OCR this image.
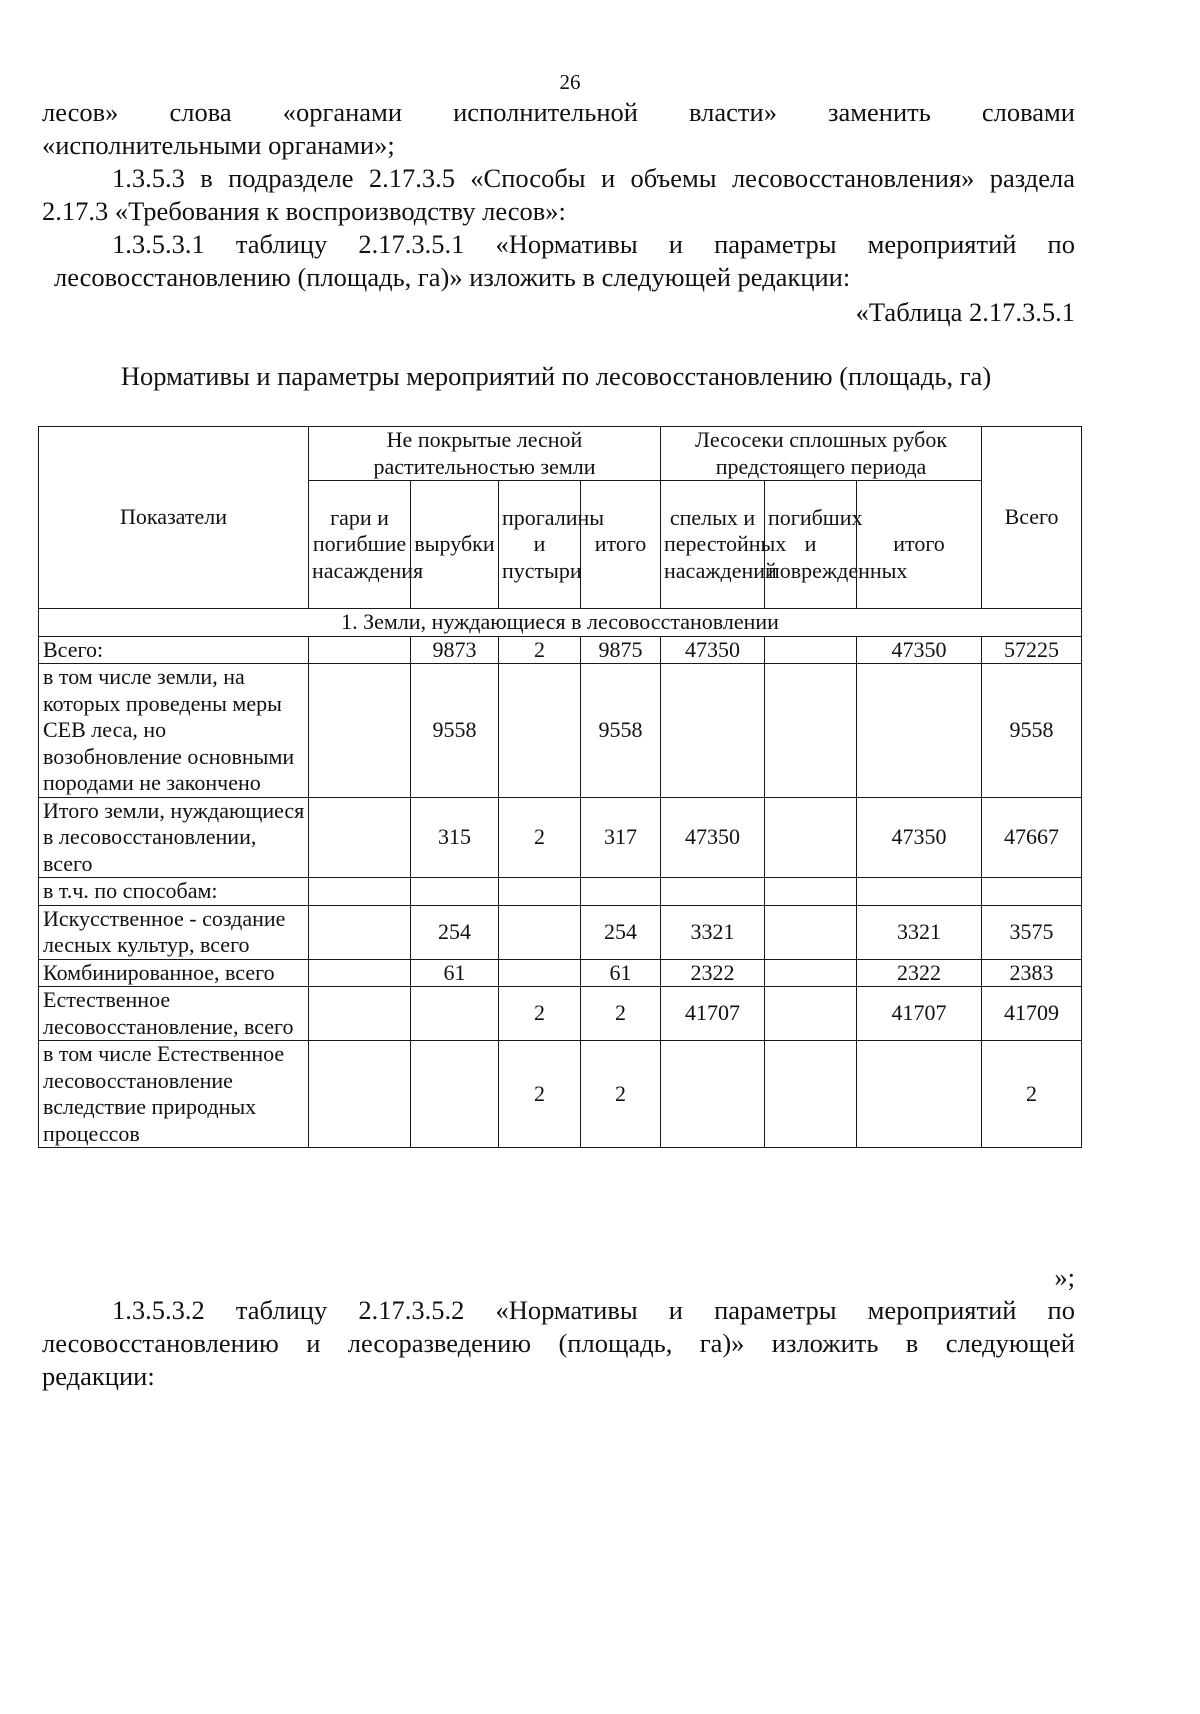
26
лесов» слова «органами исполнительной власти» заменить словами
«исполнительными органами»;
1.3.5.3 в подразделе 2.17.3.5 «Способы и объемы лесовосстановления» раздела
2.17.3 «Требования к воспроизводству лесов»:
1.3.5.3.1 таблицу 2.17.3.5.1 «Нормативы и параметры мероприятий по
лесовосстановлению (площадь, га)» изложить в следующей редакции:
«Таблица 2.17.3.5.1
Нормативы и параметры мероприятий по лесовосстановлению (площадь, га)
Показатели	Не покрытые лесной растительностью земли				Лесосеки сплошных рубок предстоящего периода			Всего
	гари и погибшие насаждения	вырубки	прогалины и пустыри	итого	спелых и перестойных насаждений	погибших и поврежденных	итого	
1. Земли, нуждающиеся в лесовосстановлении								
Всего:		9873	2	9875	47350		47350	57225
в том числе земли, на которых проведены меры СЕВ леса, но возобновление основными породами не закончено		9558		9558				9558
Итого земли, нуждающиеся в лесовосстановлении, всего		315	2	317	47350		47350	47667
в т.ч. по способам:								
Искусственное - создание лесных культур, всего		254		254	3321		3321	3575
Комбинированное, всего		61		61	2322		2322	2383
Естественное лесовосстановление, всего			2	2	41707		41707	41709
в том числе Естественное лесовосстановление вследствие природных процессов			2	2				2
»;
1.3.5.3.2 таблицу 2.17.3.5.2 «Нормативы и параметры мероприятий по
лесовосстановлению и лесоразведению (площадь, га)» изложить в следующей
редакции:
